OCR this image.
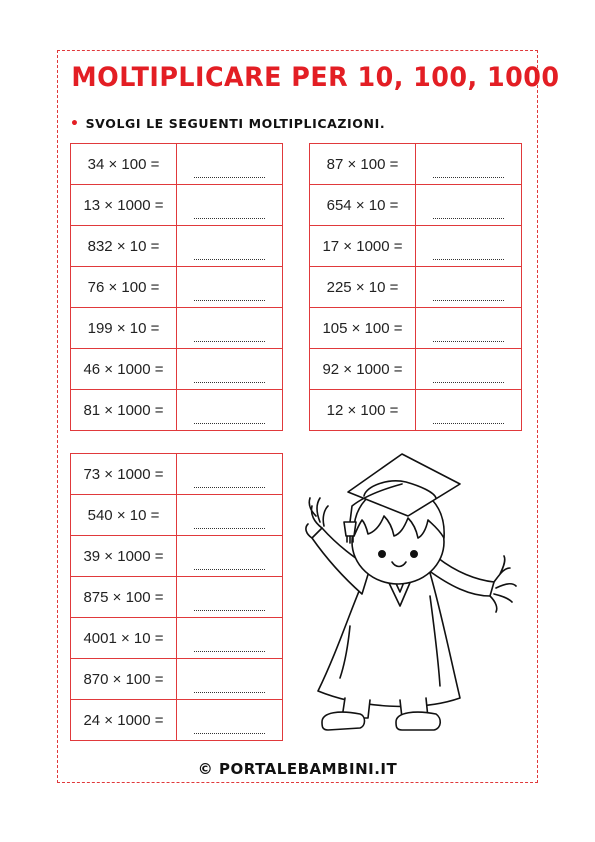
MOLTIPLICARE PER 10, 100, 1000
• SVOLGI LE SEGUENTI MOLTIPLICAZIONI.
34 × 100 =	

13 × 1000 =	

832 × 10 =	

76 × 100 =	

199 × 10 =	

46 × 1000 =	

81 × 1000 =	
87 × 100 =	

654 × 10 =	

17 × 1000 =	

225 × 10 =	

105 × 100 =	

92 × 1000 =	

12 × 100 =	
73 × 1000 =	

540 × 10 =	

39 × 1000 =	

875 × 100 =	

4001 × 10 =	

870 × 100 =	

24 × 1000 =	
© PORTALEBAMBINI.IT
